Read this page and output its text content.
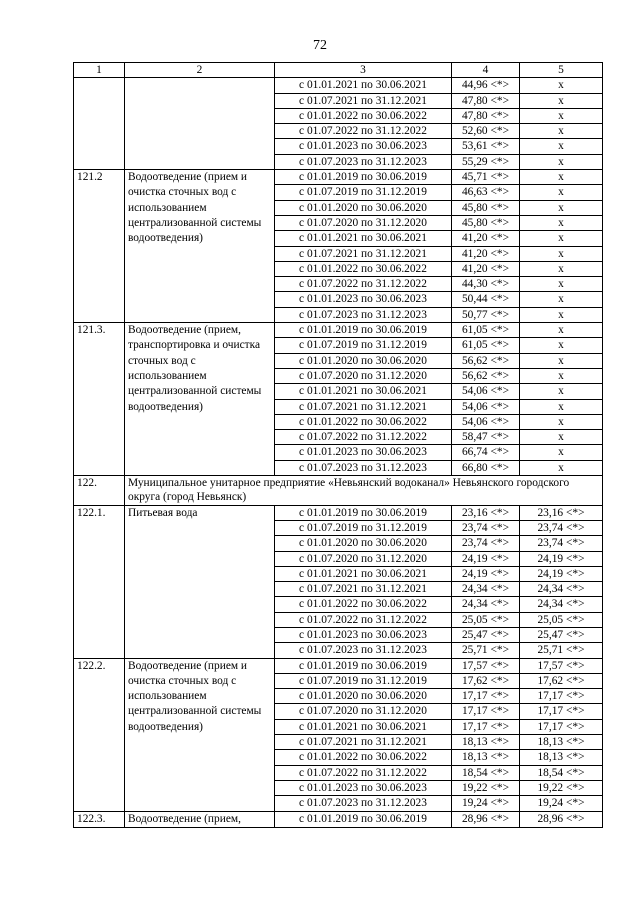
72
1	2	3	4	5
		с 01.01.2021 по 30.06.2021	44,96 <*>	x
		с 01.07.2021 по 31.12.2021	47,80 <*>	x
		с 01.01.2022 по 30.06.2022	47,80 <*>	x
		с 01.07.2022 по 31.12.2022	52,60 <*>	x
		с 01.01.2023 по 30.06.2023	53,61 <*>	x
		с 01.07.2023 по 31.12.2023	55,29 <*>	x
121.2	Водоотведение (прием и очистка сточных вод с использованием централизованной системы водоотведения)	с 01.01.2019 по 30.06.2019	45,71 <*>	x
		с 01.07.2019 по 31.12.2019	46,63 <*>	x
		с 01.01.2020 по 30.06.2020	45,80 <*>	x
		с 01.07.2020 по 31.12.2020	45,80 <*>	x
		с 01.01.2021 по 30.06.2021	41,20 <*>	x
		с 01.07.2021 по 31.12.2021	41,20 <*>	x
		с 01.01.2022 по 30.06.2022	41,20 <*>	x
		с 01.07.2022 по 31.12.2022	44,30 <*>	x
		с 01.01.2023 по 30.06.2023	50,44 <*>	x
		с 01.07.2023 по 31.12.2023	50,77 <*>	x
121.3.	Водоотведение (прием, транспортировка и очистка сточных вод с использованием централизованной системы водоотведения)	с 01.01.2019 по 30.06.2019	61,05 <*>	x
		с 01.07.2019 по 31.12.2019	61,05 <*>	x
		с 01.01.2020 по 30.06.2020	56,62 <*>	x
		с 01.07.2020 по 31.12.2020	56,62 <*>	x
		с 01.01.2021 по 30.06.2021	54,06 <*>	x
		с 01.07.2021 по 31.12.2021	54,06 <*>	x
		с 01.01.2022 по 30.06.2022	54,06 <*>	x
		с 01.07.2022 по 31.12.2022	58,47 <*>	x
		с 01.01.2023 по 30.06.2023	66,74 <*>	x
		с 01.07.2023 по 31.12.2023	66,80 <*>	x
122.	Муниципальное унитарное предприятие «Невьянский водоканал» Невьянского городского округа (город Невьянск)			
122.1.	Питьевая вода	с 01.01.2019 по 30.06.2019	23,16 <*>	23,16 <*>
		с 01.07.2019 по 31.12.2019	23,74 <*>	23,74 <*>
		с 01.01.2020 по 30.06.2020	23,74 <*>	23,74 <*>
		с 01.07.2020 по 31.12.2020	24,19 <*>	24,19 <*>
		с 01.01.2021 по 30.06.2021	24,19 <*>	24,19 <*>
		с 01.07.2021 по 31.12.2021	24,34 <*>	24,34 <*>
		с 01.01.2022 по 30.06.2022	24,34 <*>	24,34 <*>
		с 01.07.2022 по 31.12.2022	25,05 <*>	25,05 <*>
		с 01.01.2023 по 30.06.2023	25,47 <*>	25,47 <*>
		с 01.07.2023 по 31.12.2023	25,71 <*>	25,71 <*>
122.2.	Водоотведение (прием и очистка сточных вод с использованием централизованной системы водоотведения)	с 01.01.2019 по 30.06.2019	17,57 <*>	17,57 <*>
		с 01.07.2019 по 31.12.2019	17,62 <*>	17,62 <*>
		с 01.01.2020 по 30.06.2020	17,17 <*>	17,17 <*>
		с 01.07.2020 по 31.12.2020	17,17 <*>	17,17 <*>
		с 01.01.2021 по 30.06.2021	17,17 <*>	17,17 <*>
		с 01.07.2021 по 31.12.2021	18,13 <*>	18,13 <*>
		с 01.01.2022 по 30.06.2022	18,13 <*>	18,13 <*>
		с 01.07.2022 по 31.12.2022	18,54 <*>	18,54 <*>
		с 01.01.2023 по 30.06.2023	19,22 <*>	19,22 <*>
		с 01.07.2023 по 31.12.2023	19,24 <*>	19,24 <*>
122.3.	Водоотведение (прием,	с 01.01.2019 по 30.06.2019	28,96 <*>	28,96 <*>
